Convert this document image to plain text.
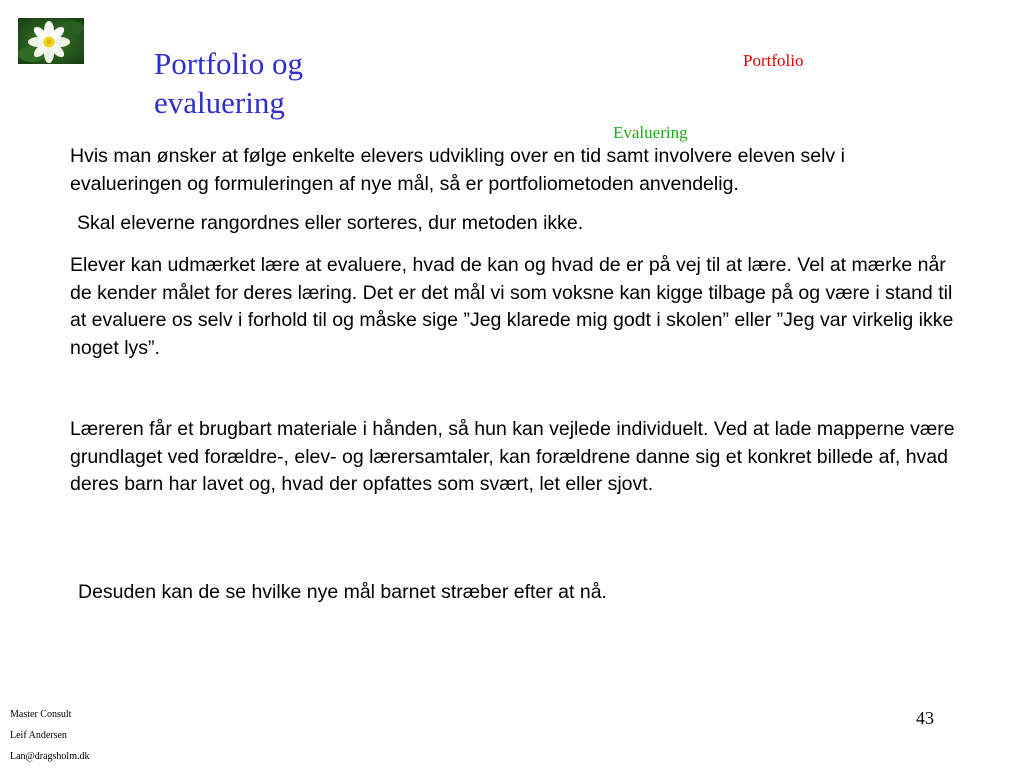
Portfolio og
evaluering
Portfolio
Evaluering

Hvis man ønsker at følge enkelte elevers udvikling over en tid samt involvere eleven selv i evalueringen og formuleringen af nye mål, så er portfoliometoden anvendelig.

Skal eleverne rangordnes eller sorteres, dur metoden ikke.

Elever kan udmærket lære at evaluere, hvad de kan og hvad de er på vej til at lære. Vel at mærke når de kender målet for deres læring. Det er det mål vi som voksne kan kigge tilbage på og være i stand til at evaluere os selv i forhold til og måske sige ”Jeg klarede mig godt i skolen” eller ”Jeg var virkelig ikke noget lys”.

Læreren får et brugbart materiale i hånden, så hun kan vejlede individuelt. Ved at lade mapperne være grundlaget ved forældre-, elev- og lærersamtaler, kan forældrene danne sig et konkret billede af, hvad deres barn har lavet og, hvad der opfattes som svært, let eller sjovt.

Desuden kan de se hvilke nye mål barnet stræber efter at nå.

43
Master Consult
Leif Andersen
Lan@dragsholm.dk
